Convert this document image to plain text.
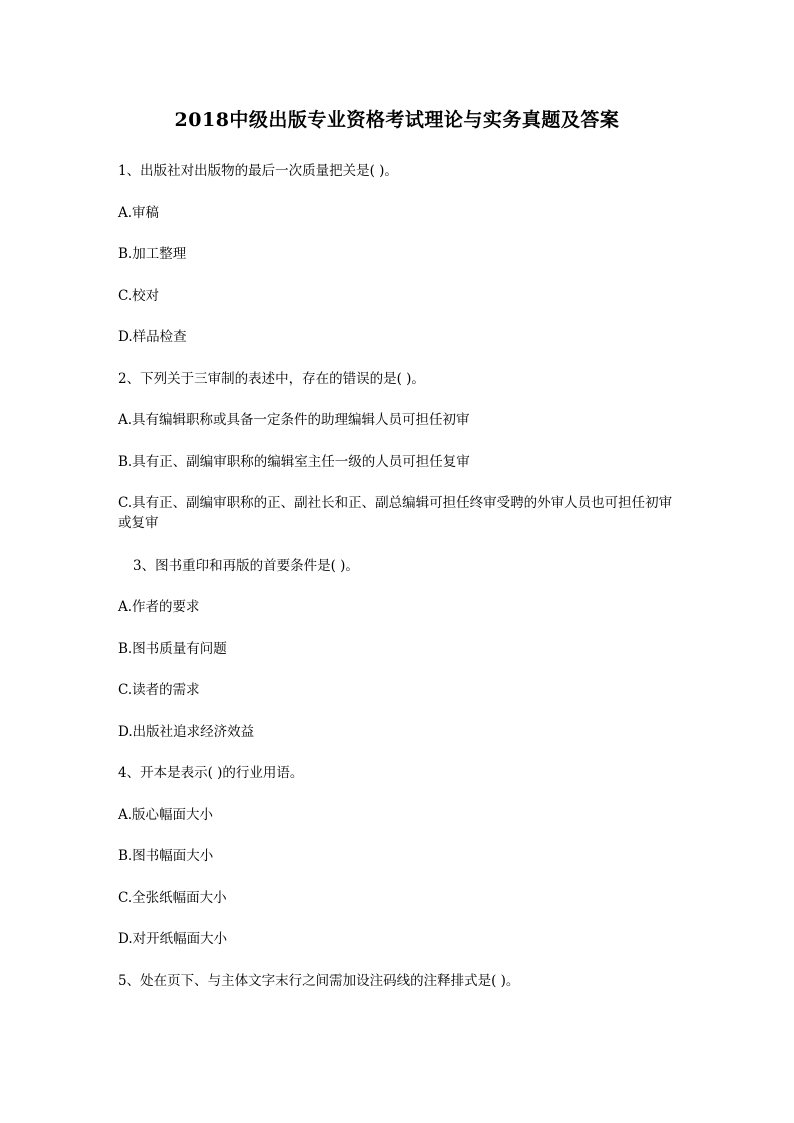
2018中级出版专业资格考试理论与实务真题及答案

1、出版社对出版物的最后一次质量把关是( )。

A.审稿

B.加工整理

C.校对

D.样品检查

2、下列关于三审制的表述中，存在的错误的是( )。

A.具有编辑职称或具备一定条件的助理编辑人员可担任初审

B.具有正、副编审职称的编辑室主任一级的人员可担任复审

C.具有正、副编审职称的正、副社长和正、副总编辑可担任终审受聘的外审人员也可担任初审或复审

3、图书重印和再版的首要条件是( )。

A.作者的要求

B.图书质量有问题

C.读者的需求

D.出版社追求经济效益

4、开本是表示( )的行业用语。

A.版心幅面大小

B.图书幅面大小

C.全张纸幅面大小

D.对开纸幅面大小

5、处在页下、与主体文字末行之间需加设注码线的注释排式是( )。
